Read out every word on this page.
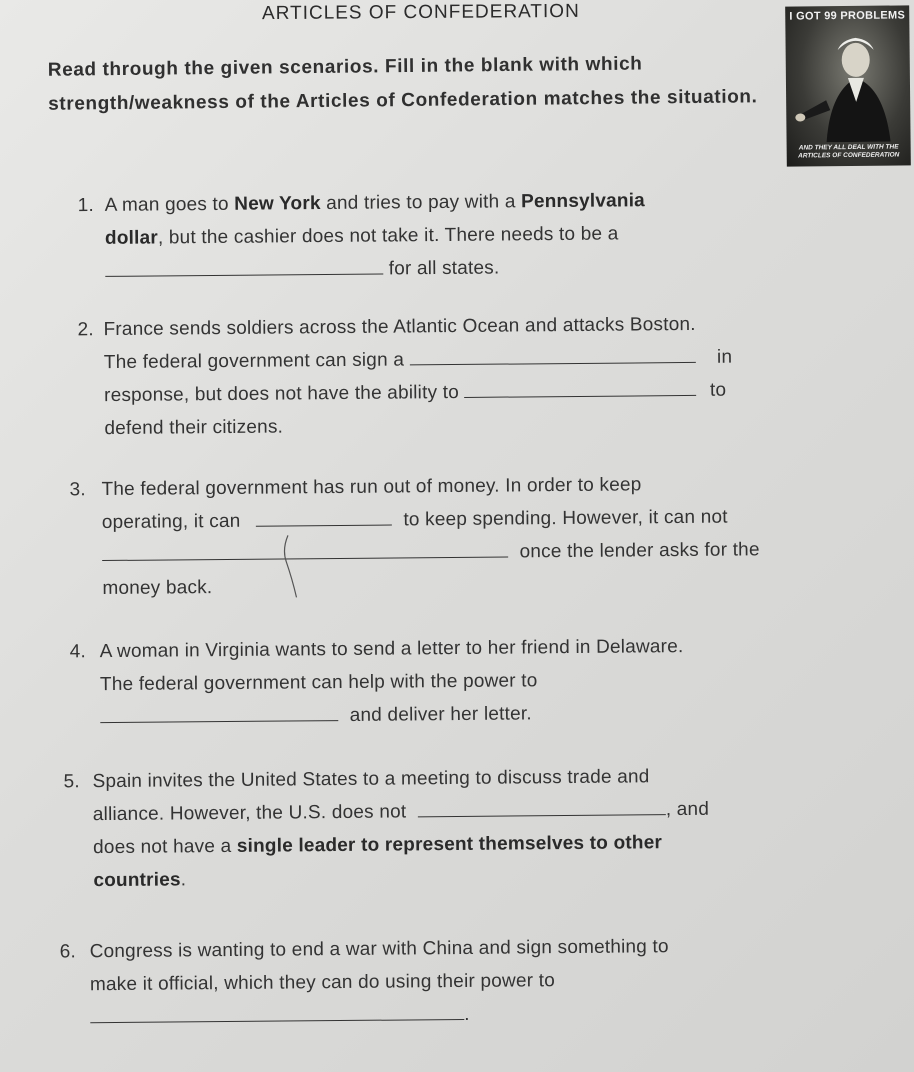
ARTICLES OF CONFEDERATION
Read through the given scenarios. Fill in the blank with which strength/weakness of the Articles of Confederation matches the situation.
I GOT 99 PROBLEMS
AND THEY ALL DEAL WITH THE
ARTICLES OF CONFEDERATION
1. A man goes to New York and tries to pay with a Pennsylvania
dollar, but the cashier does not take it. There needs to be a
for all states.
2. France sends soldiers across the Atlantic Ocean and attacks Boston.
The federal government can sign a	in
response, but does not have the ability to	to
defend their citizens.
3. The federal government has run out of money. In order to keep
operating, it can	to keep spending. However, it can not
once the lender asks for the
money back.
4. A woman in Virginia wants to send a letter to her friend in Delaware.
The federal government can help with the power to
and deliver her letter.
5. Spain invites the United States to a meeting to discuss trade and
alliance. However, the U.S. does not	, and
does not have a single leader to represent themselves to other
countries.
6. Congress is wanting to end a war with China and sign something to
make it official, which they can do using their power to
.
